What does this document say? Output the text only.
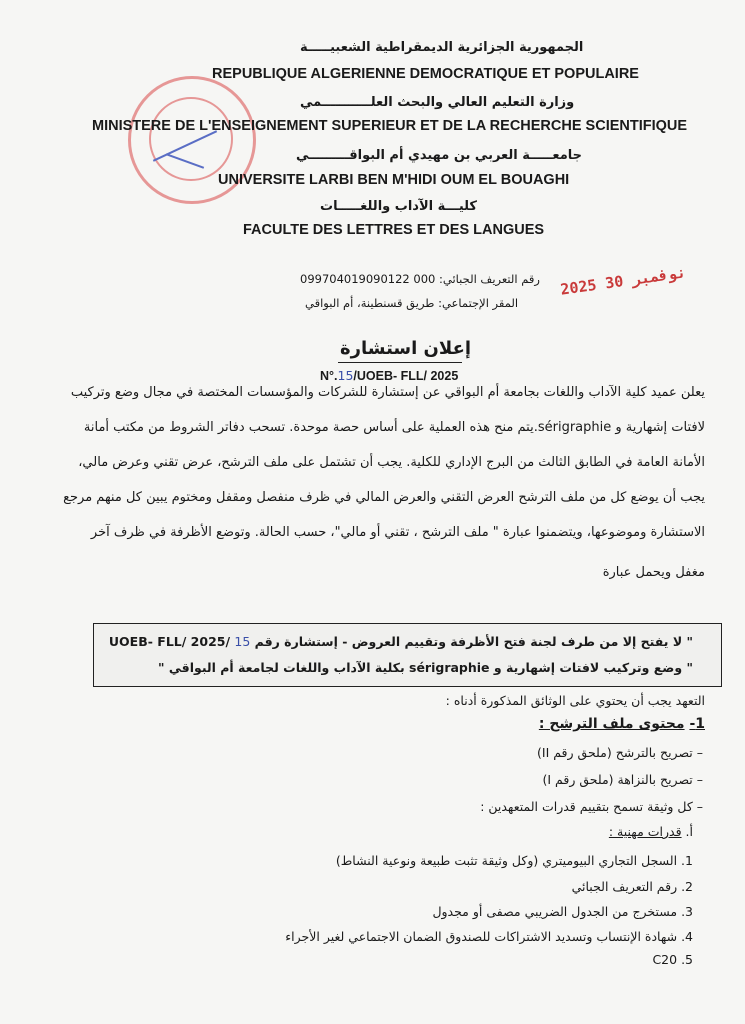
الجمهورية الجزائرية الديمقراطية الشعبيـــــة
REPUBLIQUE ALGERIENNE DEMOCRATIQUE ET POPULAIRE
وزارة التعليم العالي والبحث العلـــــــــــمي
MINISTERE DE L'ENSEIGNEMENT SUPERIEUR ET DE LA RECHERCHE SCIENTIFIQUE
جامعـــــة العربي بن مهيدي أم البواقـــــــــي
UNIVERSITE LARBI BEN M'HIDI OUM EL BOUAGHI
كليـــة الآداب واللغـــــات
FACULTE DES LETTRES ET DES LANGUES
رقم التعريف الجبائي: 000 099704019090122
المقر الإجتماعي: طريق قسنطينة، أم البواقي
2025 نوفمبر 30
إعلان استشارة
N°.15/UOEB- FLL/ 2025
يعلن عميد كلية الآداب واللغات بجامعة أم البواقي عن إستشارة للشركات والمؤسسات المختصة في مجال وضع وتركيب
لافتات إشهارية و sérigraphie.يتم منح هذه العملية على أساس حصة موحدة. تسحب دفاتر الشروط من مكتب أمانة
الأمانة العامة في الطابق الثالث من البرج الإداري للكلية. يجب أن تشتمل على ملف الترشح، عرض تقني وعرض مالي،
يجب أن يوضع كل من ملف الترشح العرض التقني والعرض المالي في ظرف منفصل ومقفل ومختوم يبين كل منهم مرجع
الاستشارة وموضوعها، ويتضمنوا عبارة " ملف الترشح ، تقني أو مالي"، حسب الحالة. وتوضع الأظرفة في ظرف آخر
مغفل ويحمل عبارة
" لا يفتح إلا من طرف لجنة فتح الأظرفة وتقييم العروض - إستشارة رقم UOEB- FLL/ 2025/ 15
" وضع وتركيب لافتات إشهارية و sérigraphie بكلية الآداب واللغات لجامعة أم البواقي "
التعهد يجب أن يحتوي على الوثائق المذكورة أدناه :
1- محتوى ملف الترشح :
– تصريح بالترشح (ملحق رقم II)
– تصريح بالنزاهة (ملحق رقم I)
– كل وثيقة تسمح بتقييم قدرات المتعهدين :
أ. قدرات مهنية :
1. السجل التجاري البيوميتري (وكل وثيقة تثبت طبيعة ونوعية النشاط)
2. رقم التعريف الجبائي
3. مستخرج من الجدول الضريبي مصفى أو مجدول
4. شهادة الإنتساب وتسديد الاشتراكات للصندوق الضمان الاجتماعي لغير الأجراء
5. C20
